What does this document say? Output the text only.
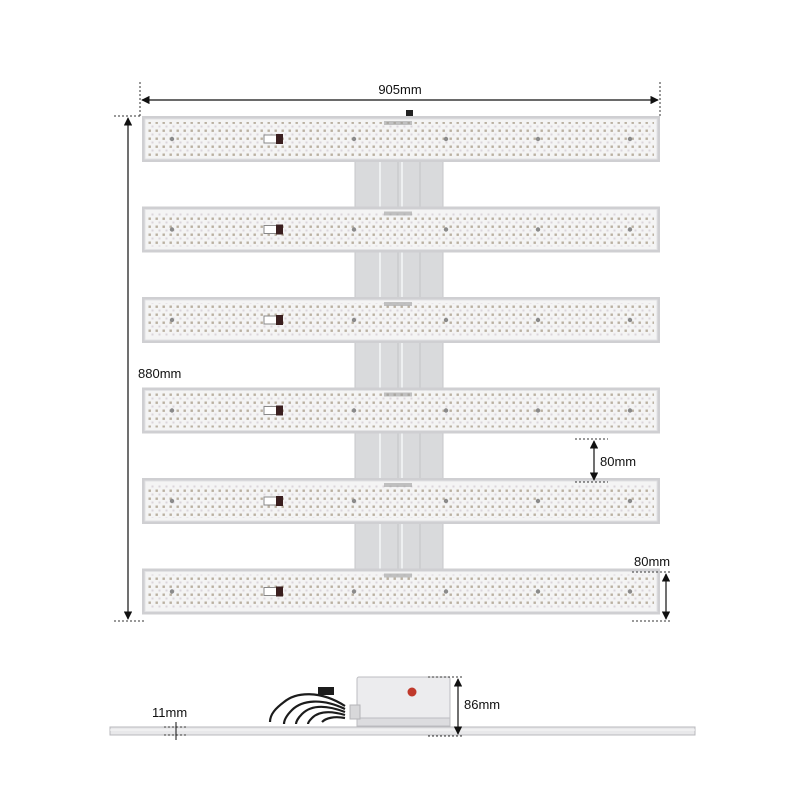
905mm
880mm
80mm
80mm
11mm
86mm
